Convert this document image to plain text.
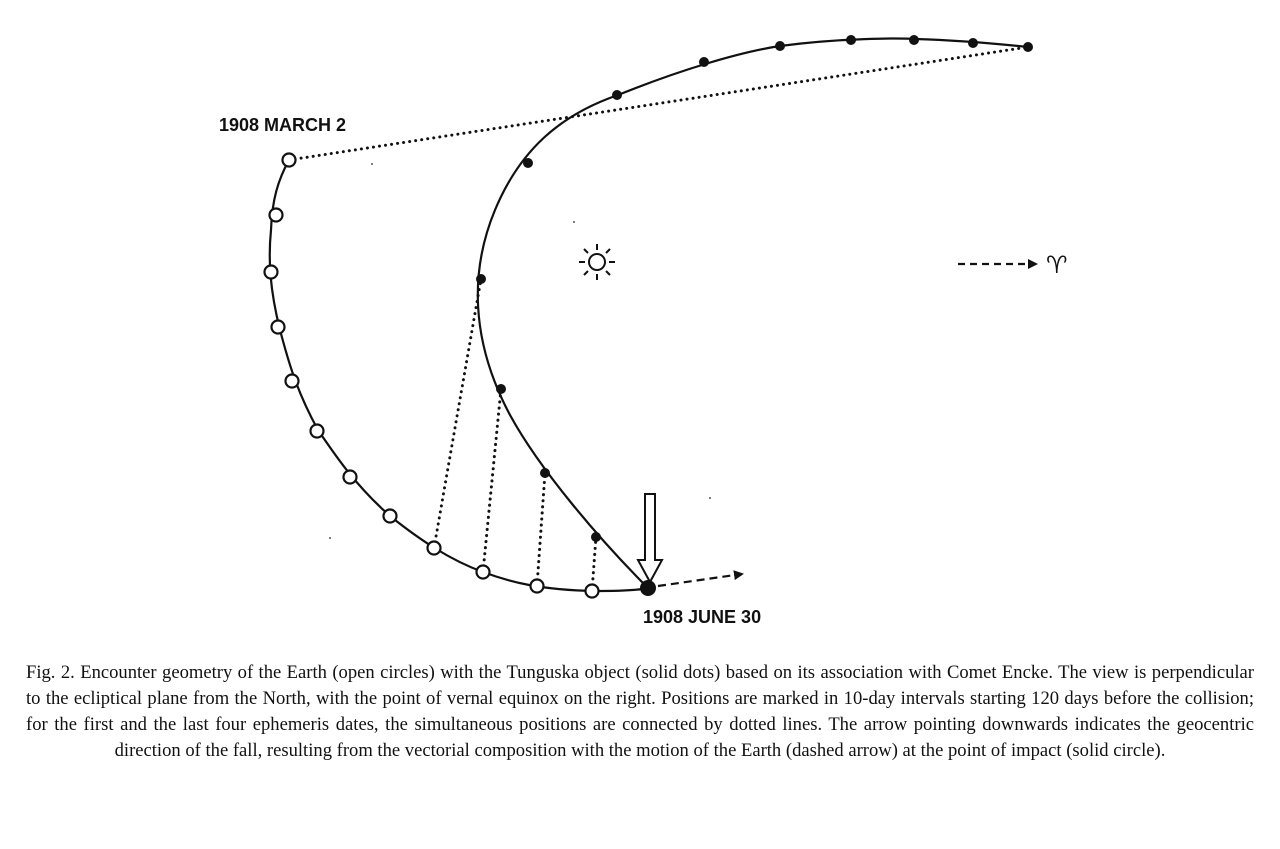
♈
1908 MARCH 2
1908 JUNE 30
Fig. 2. Encounter geometry of the Earth (open circles) with the Tunguska object (solid dots) based on its association with Comet Encke. The view is perpendicular to the ecliptical plane from the North, with the point of vernal equinox on the right. Positions are marked in 10-day intervals starting 120 days before the collision; for the first and the last four ephemeris dates, the simultaneous positions are connected by dotted lines. The arrow pointing downwards indicates the geocentric direction of the fall, resulting from the vectorial composition with the motion of the Earth (dashed arrow) at the point of impact (solid circle).
